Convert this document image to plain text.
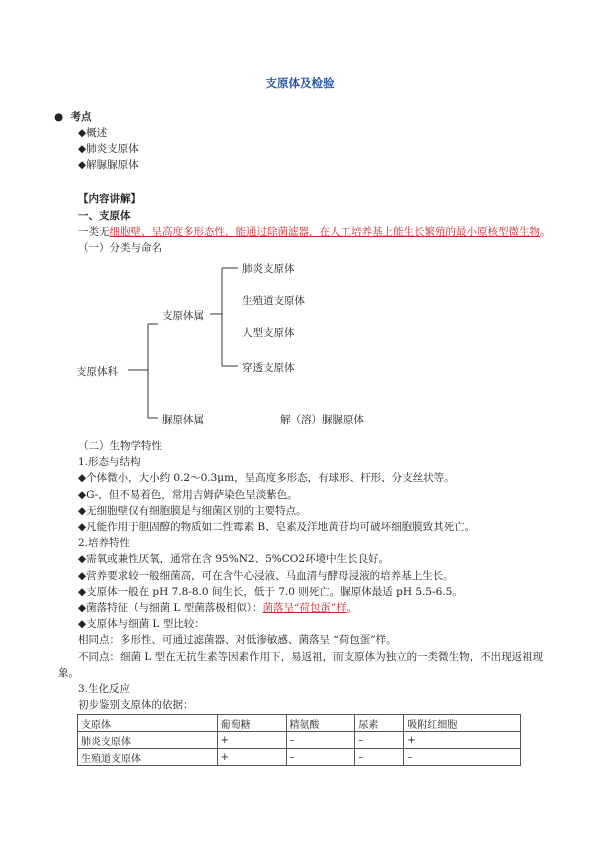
支原体及检验
● 考点
◆概述
◆肺炎支原体
◆解脲脲原体
【内容讲解】
一、支原体
一类无细胞壁、呈高度多形态性，能通过除菌滤器，在人工培养基上能生长繁殖的最小原核型微生物。
（一）分类与命名
支原体科
支原体属
肺炎支原体
生殖道支原体
人型支原体
穿透支原体
脲原体属	解（溶）脲脲原体
（二）生物学特性
1.形态与结构
◆个体微小，大小约 0.2～0.3μm，呈高度多形态，有球形、杆形、分支丝状等。
◆G-，但不易着色，常用吉姆萨染色呈淡紫色。
◆无细胞壁仅有细胞膜是与细菌区别的主要特点。
◆凡能作用于胆固醇的物质如二性霉素 B、皂素及洋地黄苷均可破坏细胞膜致其死亡。
2.培养特性
◆需氧或兼性厌氧，通常在含 95%N2、5%CO2环境中生长良好。
◆营养要求较一般细菌高，可在含牛心浸液、马血清与酵母浸液的培养基上生长。
◆支原体一般在 pH 7.8-8.0 间生长，低于 7.0 则死亡。脲原体最适 pH 5.5-6.5。
◆菌落特征（与细菌 L 型菌落极相似）：菌落呈“荷包蛋”样。
◆支原体与细菌 L 型比较：
相同点：多形性、可通过滤菌器、对低渗敏感、菌落呈 “荷包蛋”样。
不同点：细菌 L 型在无抗生素等因素作用下，易返祖，而支原体为独立的一类微生物，不出现返祖现
象。
3.生化反应
初步鉴别支原体的依据：
支原体	葡萄糖	精氨酸	尿素	吸附红细胞
肺炎支原体	+	–	–	+
生殖道支原体	+	–	–	–
